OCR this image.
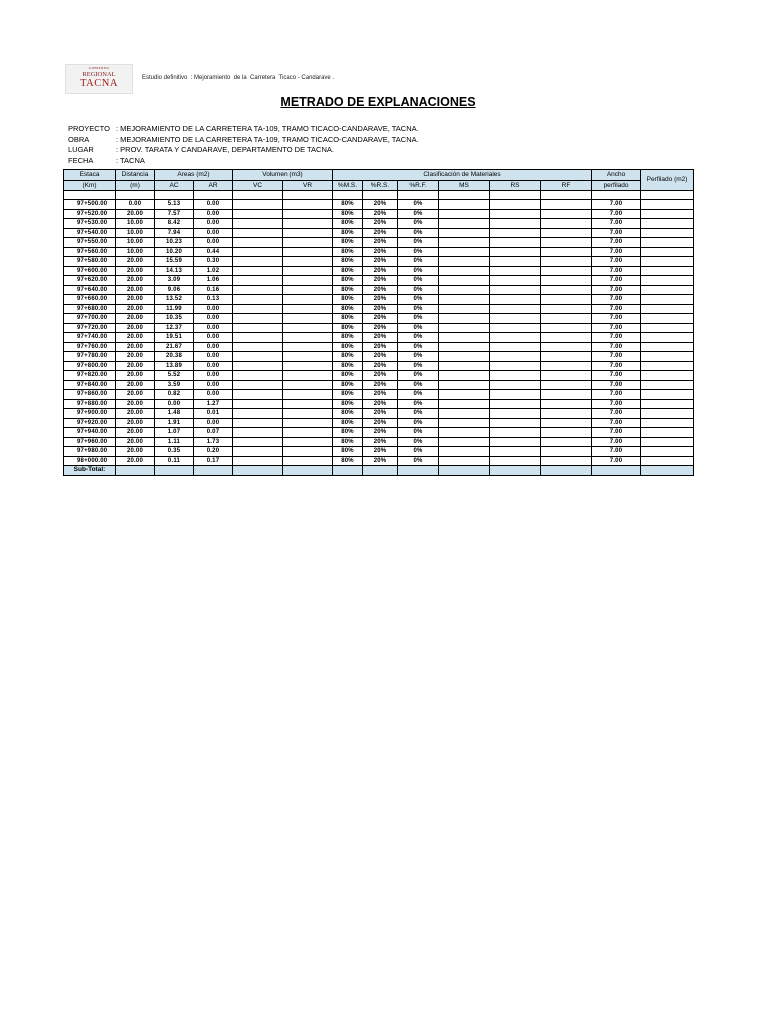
GOBIERNO
REGIONAL
TACNA	Estudio definitivo  : Mejoramiento  de la  Carretera  Ticaco - Candarave .
METRADO DE EXPLANACIONES
PROYECTO : MEJORAMIENTO DE LA CARRETERA TA-109, TRAMO TICACO-CANDARAVE, TACNA.
OBRA	: MEJORAMIENTO DE LA CARRETERA TA-109, TRAMO TICACO-CANDARAVE, TACNA.
LUGAR	: PROV. TARATA Y CANDARAVE, DEPARTAMENTO DE TACNA.
FECHA	: TACNA
Estaca	Distancia	Areas (m2)		Volumen (m3)		Clasificación de Materiales						Ancho	Perfilado (m2)
(Km)	(m)	AC	AR	VC	VR	%M.S.	%R.S.	%R.F.	MS	RS	RF	perfilado	

97+500.00	0.00	5.13	0.00			80%	20%	0%				7.00	
97+520.00	20.00	7.57	0.00			80%	20%	0%				7.00	
97+530.00	10.00	8.42	0.00			80%	20%	0%				7.00	
97+540.00	10.00	7.94	0.00			80%	20%	0%				7.00	
97+550.00	10.00	10.23	0.00			80%	20%	0%				7.00	
97+560.00	10.00	10.20	0.44			80%	20%	0%				7.00	
97+580.00	20.00	15.59	0.30			80%	20%	0%				7.00	
97+600.00	20.00	14.13	1.02			80%	20%	0%				7.00	
97+620.00	20.00	3.09	1.06			80%	20%	0%				7.00	
97+640.00	20.00	9.06	0.16			80%	20%	0%				7.00	
97+660.00	20.00	13.52	0.13			80%	20%	0%				7.00	
97+680.00	20.00	11.99	0.00			80%	20%	0%				7.00	
97+700.00	20.00	10.35	0.00			80%	20%	0%				7.00	
97+720.00	20.00	12.37	0.00			80%	20%	0%				7.00	
97+740.00	20.00	19.51	0.00			80%	20%	0%				7.00	
97+760.00	20.00	21.67	0.00			80%	20%	0%				7.00	
97+780.00	20.00	20.38	0.00			80%	20%	0%				7.00	
97+800.00	20.00	13.89	0.00			80%	20%	0%				7.00	
97+820.00	20.00	5.52	0.00			80%	20%	0%				7.00	
97+840.00	20.00	3.59	0.00			80%	20%	0%				7.00	
97+860.00	20.00	0.82	0.00			80%	20%	0%				7.00	
97+880.00	20.00	0.00	1.27			80%	20%	0%				7.00	
97+900.00	20.00	1.48	0.01			80%	20%	0%				7.00	
97+920.00	20.00	1.91	0.00			80%	20%	0%				7.00	
97+940.00	20.00	1.07	0.07			80%	20%	0%				7.00	
97+960.00	20.00	1.11	1.73			80%	20%	0%				7.00	
97+980.00	20.00	0.35	0.20			80%	20%	0%				7.00	
98+000.00	20.00	0.11	0.17			80%	20%	0%				7.00	
Sub-Total:													
